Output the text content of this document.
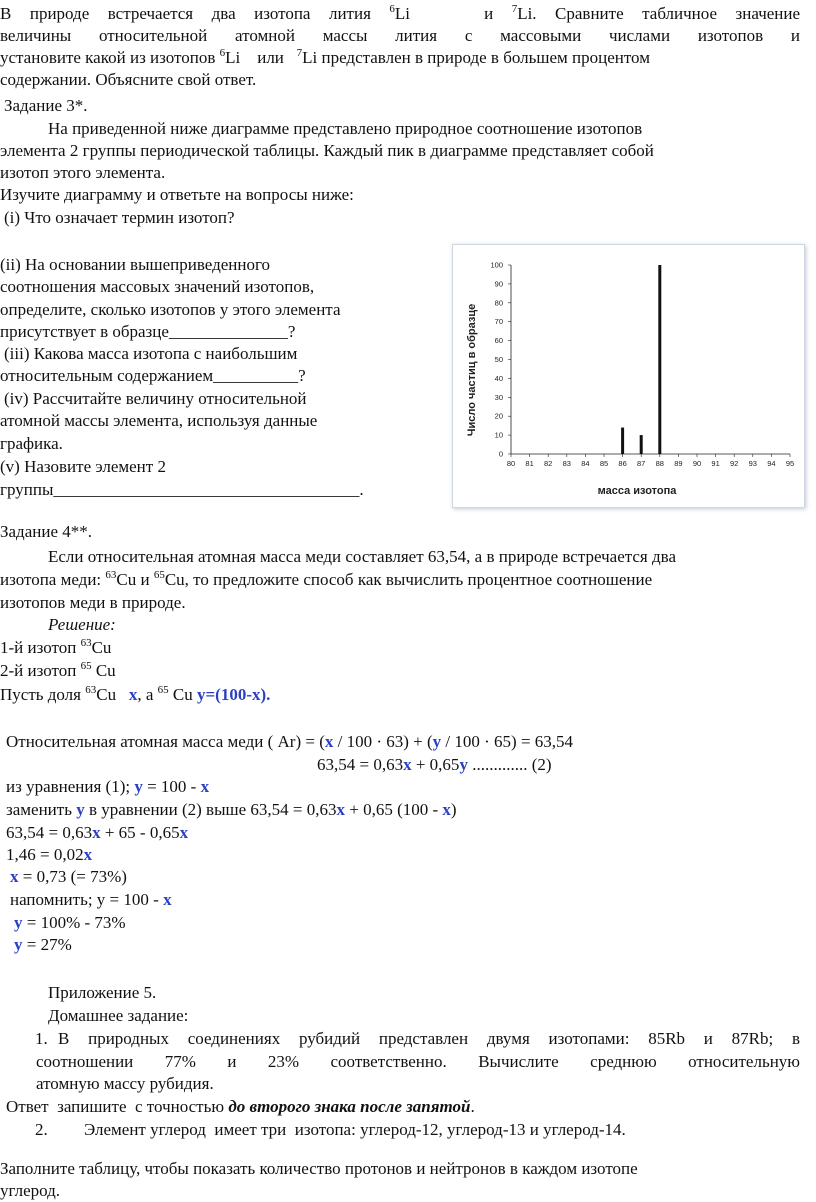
В природе встречается два изотопа лития $^6$Li	и $^7$Li. Сравните табличное значение
величины относительной атомной массы лития с массовыми числами изотопов и
установите какой из изотопов $^6$Li или $^7$Li представлен в природе в большем процентом
содержании. Объясните свой ответ.
Задание 3*.
На приведенной ниже диаграмме представлено природное соотношение изотопов
элемента 2 группы периодической таблицы. Каждый пик в диаграмме представляет собой
изотоп этого элемента.
Изучите диаграмму и ответьте на вопросы ниже:
(i) Что означает термин изотоп?
(ii) На основании вышеприведенного
соотношения массовых значений изотопов,
определите, сколько изотопов у этого элемента
присутствует в образце______________?
(iii) Какова масса изотопа с наибольшим
относительным содержанием__________?
(iv) Рассчитайте величину относительной
атомной массы элемента, используя данные
графика.
(v) Назовите элемент 2
группы____________________________________.
Число частиц в образце
масса изотопа
0
10
20
30
40
50
60
70
80
90
100
80 81 82 83 84 85 86 87 88 89 90 91 92 93 94 95
Задание 4**.
Если относительная атомная масса меди составляет 63,54, а в природе встречается два
изотопа меди: $^{63}$Cu и $^{65}$Cu, то предложите способ как вычислить процентное соотношение
изотопов меди в природе.
Решение:
1-й изотоп $^{63}$Cu
2-й изотоп $^{65}$ Cu
Пусть доля $^{63}$Cu   x, а $^{65}$ Cu y=(100-x).
Относительная атомная масса меди ( Ar) = (x / 100 · 63) + (y / 100 · 65) = 63,54
63,54 = 0,63x + 0,65y ............. (2)
из уравнения (1); y = 100 - x
заменить y в уравнении (2) выше 63,54 = 0,63x + 0,65 (100 - x)
63,54 = 0,63x + 65 - 0,65x
1,46 = 0,02x
x = 0,73 (= 73%)
напомнить; y = 100 - x
y = 100% - 73%
y = 27%
Приложение 5.
Домашнее задание:
1. В природных соединениях рубидий представлен двумя изотопами: 85Rb и 87Rb; в
соотношении 77% и 23% соответственно. Вычислите среднюю относительную
атомную массу рубидия.
Ответ  запишите  с точностью до второго знака после запятой.
2. Элемент углерод  имеет три  изотопа: углерод-12, углерод-13 и углерод-14.
Заполните таблицу, чтобы показать количество протонов и нейтронов в каждом изотопе
углерод.
